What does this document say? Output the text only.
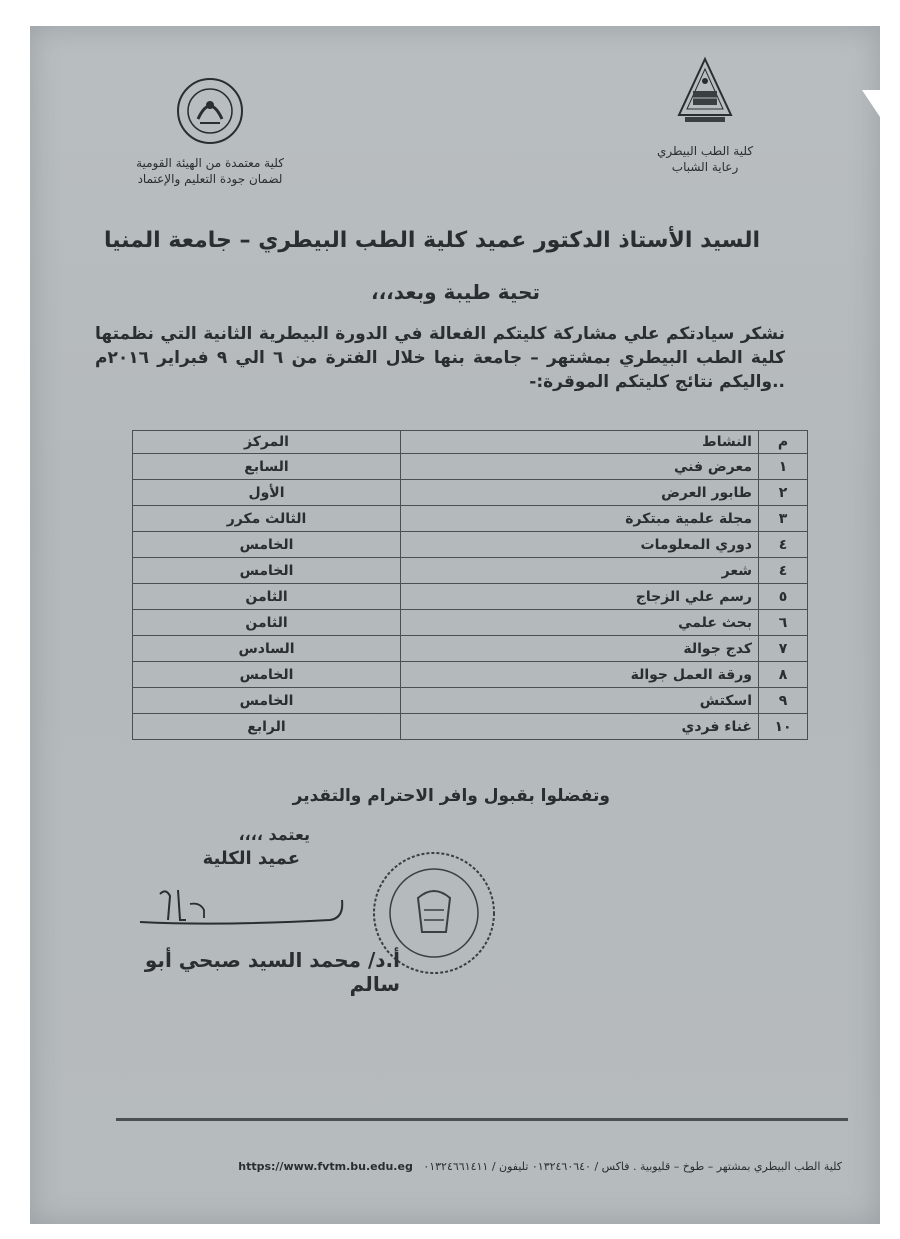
كلية الطب البيطري
رعاية الشباب
كلية معتمدة من الهيئة القومية
لضمان جودة التعليم والإعتماد
السيد الأستاذ الدكتور عميد كلية الطب البيطري – جامعة المنيا
تحية طيبة وبعد،،،
نشكر سيادتكم علي مشاركة كليتكم الفعالة في الدورة البيطرية الثانية التي نظمتها كلية الطب البيطري بمشتهر – جامعة بنها خلال الفترة من ٦ الي ٩ فبراير ٢٠١٦م ..واليكم نتائج كليتكم الموقرة:-
م	النشاط	المركز
١	معرض فني	السابع
٢	طابور العرض	الأول
٣	مجلة علمية مبتكرة	الثالث مكرر
٤	دوري المعلومات	الخامس
٤	شعر	الخامس
٥	رسم علي الزجاج	الثامن
٦	بحث علمي	الثامن
٧	كدج جوالة	السادس
٨	ورقة العمل جوالة	الخامس
٩	اسكتش	الخامس
١٠	غناء فردي	الرابع
وتفضلوا بقبول وافر الاحترام والتقدير
يعتمد ،،،،
عميد الكلية
أ.د/ محمد السيد صبحي أبو سالم
كلية الطب البيطري بمشتهر – طوخ – قليوبية . فاكس / ٠١٣٢٤٦٠٦٤٠ تليفون / ٠١٣٢٤٦٦١٤١١   https://www.fvtm.bu.edu.eg
